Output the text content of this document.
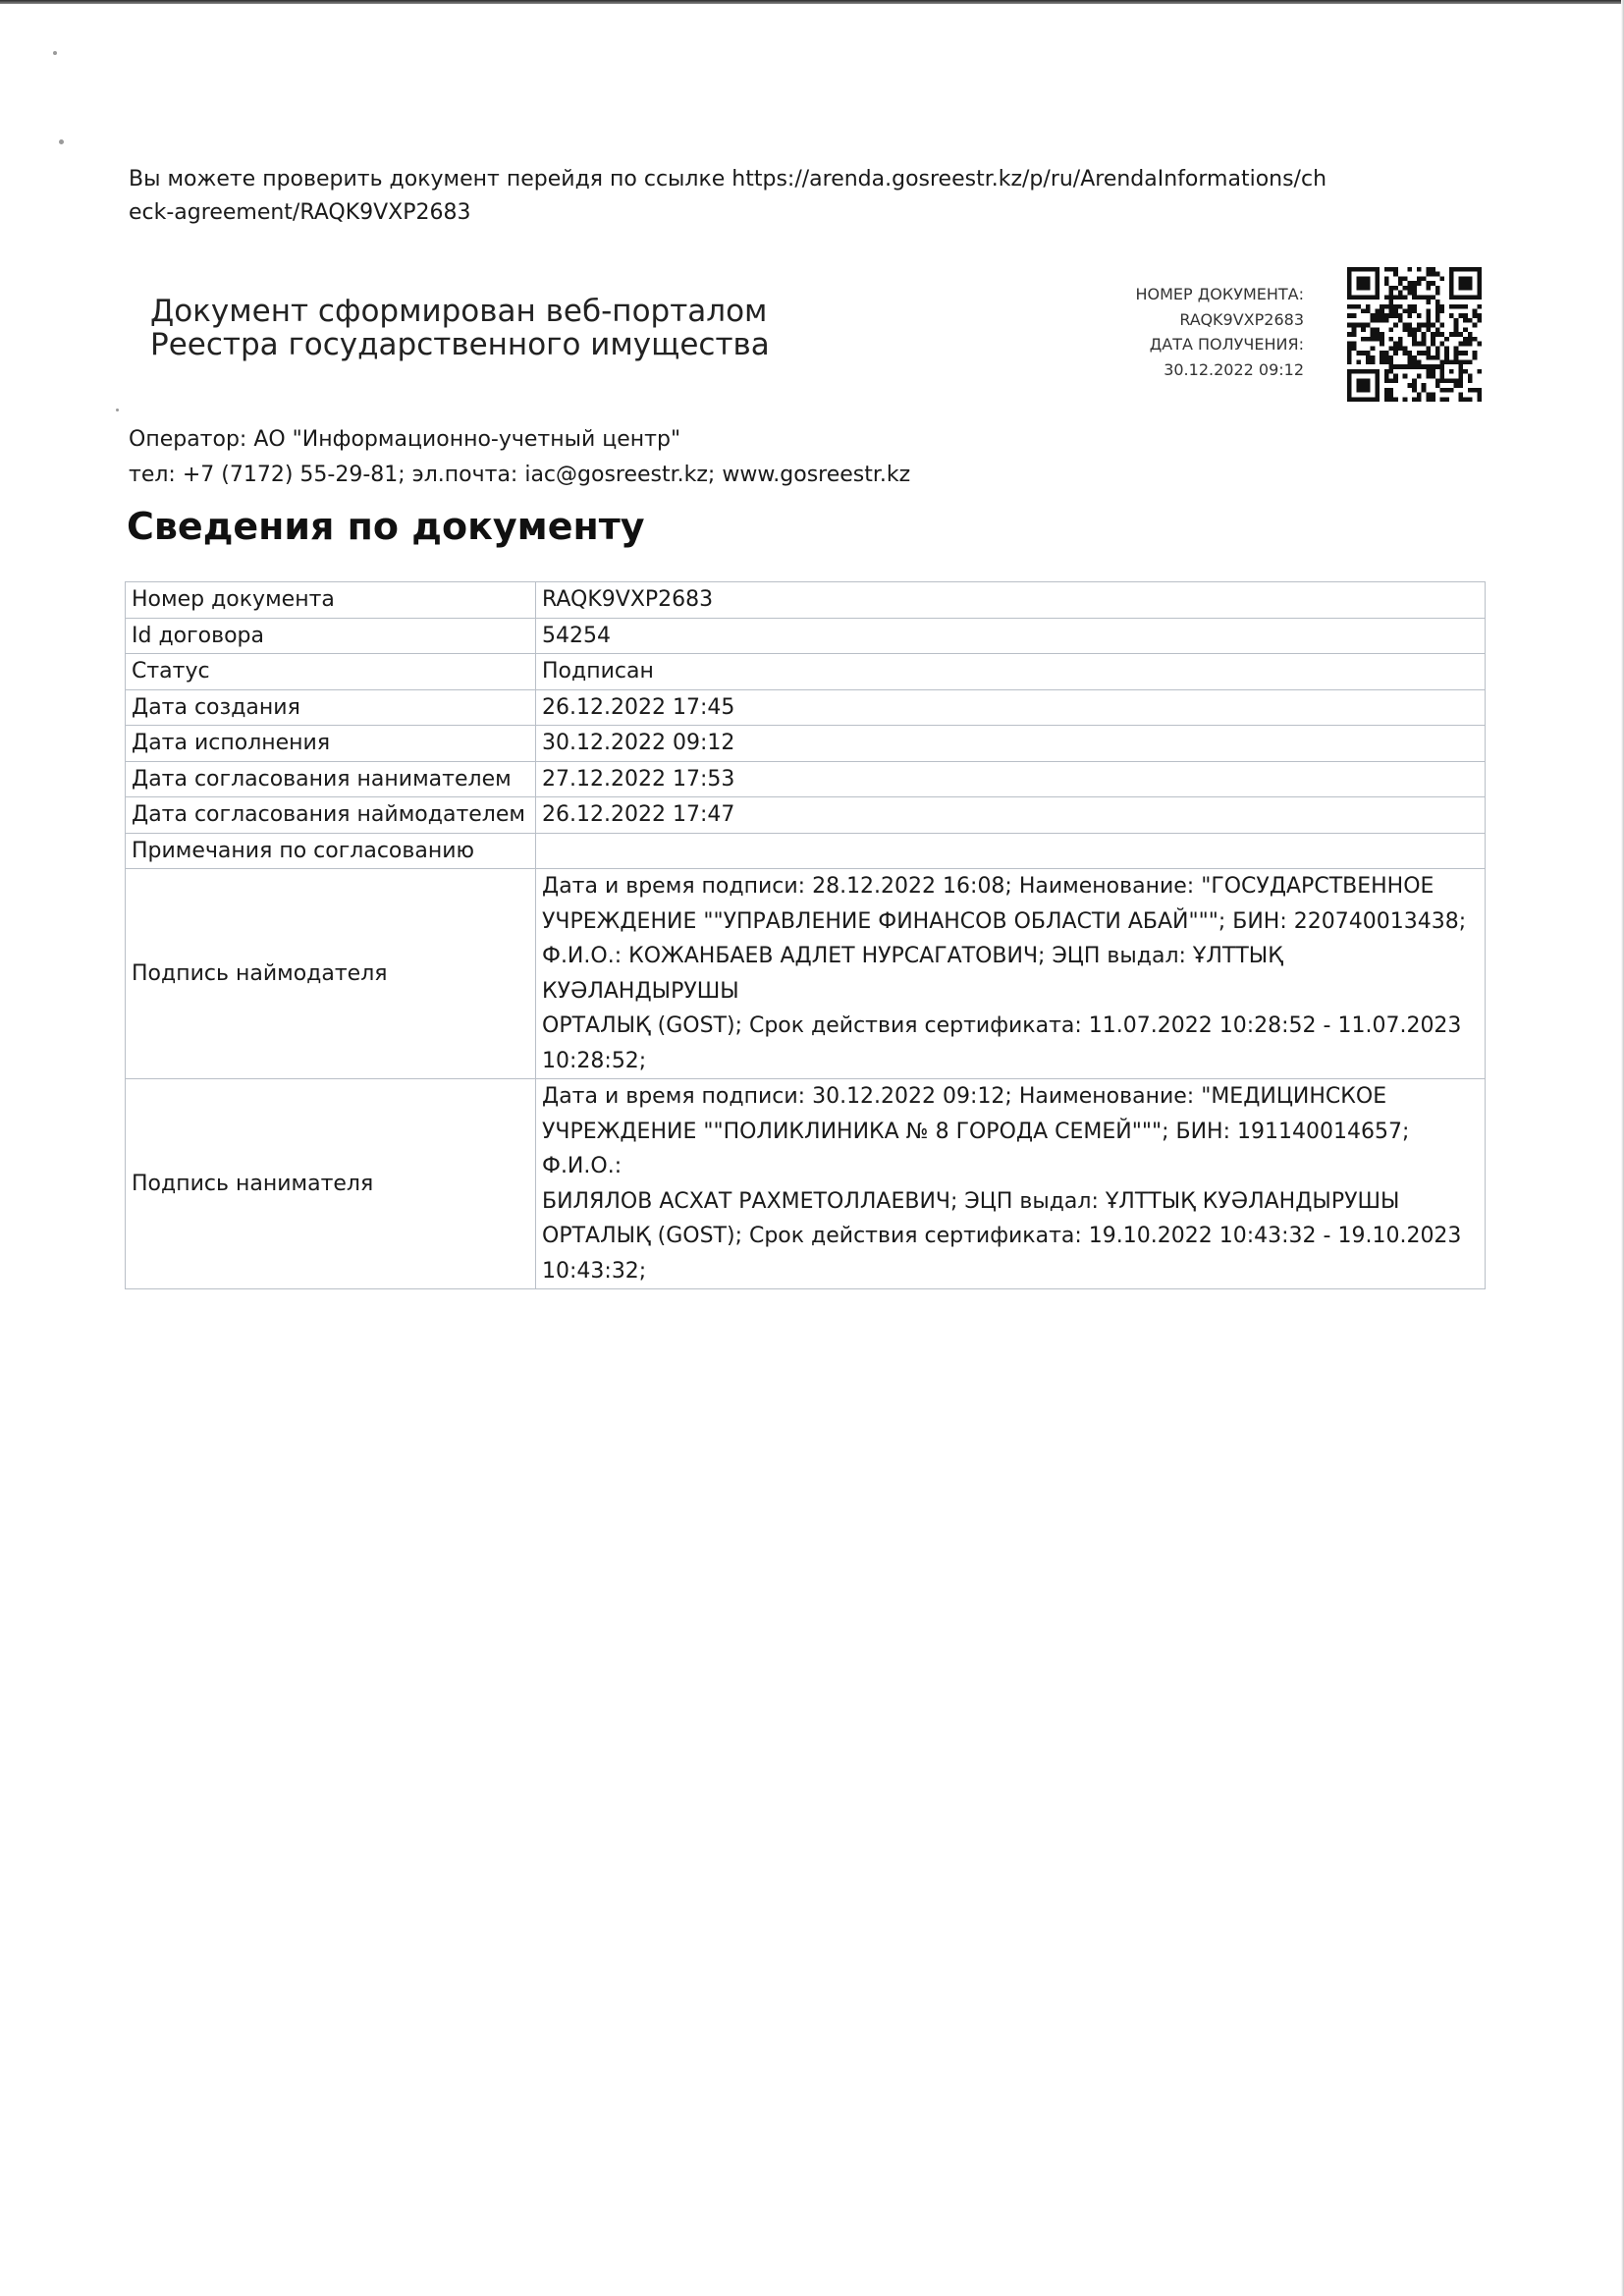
Вы можете проверить документ перейдя по ссылке https://arenda.gosreestr.kz/p/ru/ArendaInformations/check-agreement/RAQK9VXP2683
Документ сформирован веб-порталом
Реестра государственного имущества
НОМЕР ДОКУМЕНТА:
RAQK9VXP2683
ДАТА ПОЛУЧЕНИЯ:
30.12.2022 09:12
Оператор: АО "Информационно-учетный центр"
тел: +7 (7172) 55-29-81; эл.почта: iac@gosreestr.kz; www.gosreestr.kz
Сведения по документу
Номер документа	RAQK9VXP2683
Id договора	54254
Статус	Подписан
Дата создания	26.12.2022 17:45
Дата исполнения	30.12.2022 09:12
Дата согласования нанимателем	27.12.2022 17:53
Дата согласования наймодателем	26.12.2022 17:47
Примечания по согласованию	
Подпись наймодателя	Дата и время подписи: 28.12.2022 16:08; Наименование: "ГОСУДАРСТВЕННОЕ
УЧРЕЖДЕНИЕ ""УПРАВЛЕНИЕ ФИНАНСОВ ОБЛАСТИ АБАЙ"""; БИН: 220740013438;
Ф.И.О.: КОЖАНБАЕВ АДЛЕТ НУРСАГАТОВИЧ; ЭЦП выдал: ҰЛТТЫҚ КУӘЛАНДЫРУШЫ
ОРТАЛЫҚ (GOST); Срок действия сертификата: 11.07.2022 10:28:52 - 11.07.2023
10:28:52;

Подпись нанимателя	Дата и время подписи: 30.12.2022 09:12; Наименование: "МЕДИЦИНСКОЕ
УЧРЕЖДЕНИЕ ""ПОЛИКЛИНИКА № 8 ГОРОДА СЕМЕЙ"""; БИН: 191140014657; Ф.И.О.:
БИЛЯЛОВ АСХАТ РАХМЕТОЛЛАЕВИЧ; ЭЦП выдал: ҰЛТТЫҚ КУӘЛАНДЫРУШЫ
ОРТАЛЫҚ (GOST); Срок действия сертификата: 19.10.2022 10:43:32 - 19.10.2023
10:43:32;
